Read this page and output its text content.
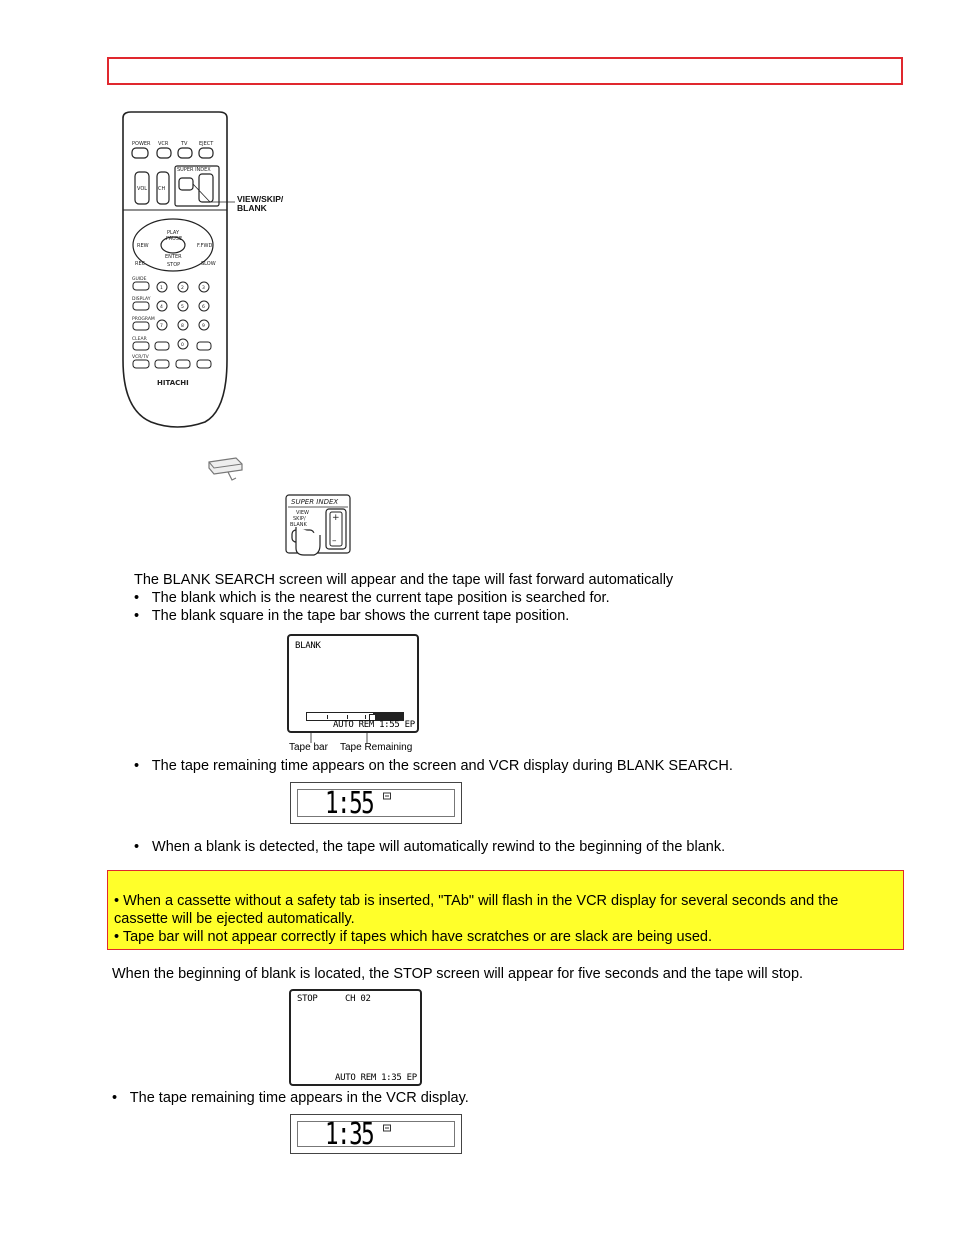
POWER VCR	TV EJECT
SUPER INDEX
VOL CH
PLAY
PAUSE
ENTER
STOP
REW	F.FWD
REC	SLOW
GUIDE
DISPLAY
PROGRAM
CLEAR
VCR/TV
1	2	3
4	5	6
7	8	9
0
HITACHI
VIEW/SKIP/
BLANK
SUPER INDEX
VIEW
SKIP/
BLANK
+
–
The BLANK SEARCH screen will appear and the tape will fast forward automatically
• The blank which is the nearest the current tape position is searched for.
• The blank square in the tape bar shows the current tape position.
BLANK
AUTO REM 1:55 EP
Tape bar Tape Remaining
• The tape remaining time appears on the screen and VCR display during BLANK SEARCH.
1:55
• When a blank is detected, the tape will automatically rewind to the beginning of the blank.
• When a cassette without a safety tab is inserted, "TAb" will flash in the VCR display for several seconds and the
cassette will be ejected automatically.
• Tape bar will not appear correctly if tapes which have scratches or are slack are being used.
When the beginning of blank is located, the STOP screen will appear for five seconds and the tape will stop.
STOP	CH 02
AUTO REM 1:35 EP
• The tape remaining time appears in the VCR display.
1:35
